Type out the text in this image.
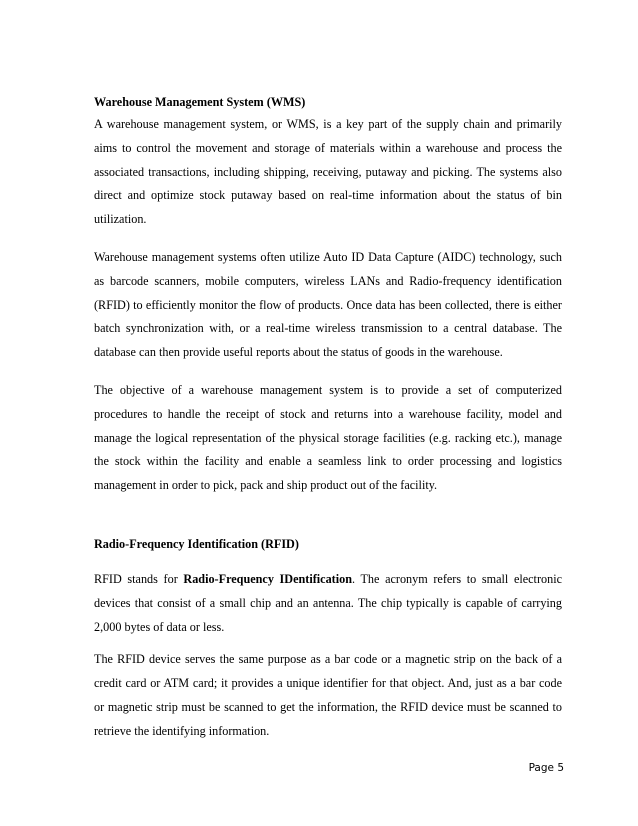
Warehouse Management System (WMS)

A warehouse management system, or WMS, is a key part of the supply chain and primarily aims to control the movement and storage of materials within a warehouse and process the associated transactions, including shipping, receiving, putaway and picking. The systems also direct and optimize stock putaway based on real-time information about the status of bin utilization.

Warehouse management systems often utilize Auto ID Data Capture (AIDC) technology, such as barcode scanners, mobile computers, wireless LANs and Radio-frequency identification (RFID) to efficiently monitor the flow of products. Once data has been collected, there is either batch synchronization with, or a real-time wireless transmission to a central database. The database can then provide useful reports about the status of goods in the warehouse.

The objective of a warehouse management system is to provide a set of computerized procedures to handle the receipt of stock and returns into a warehouse facility, model and manage the logical representation of the physical storage facilities (e.g. racking etc.), manage the stock within the facility and enable a seamless link to order processing and logistics management in order to pick, pack and ship product out of the facility.

Radio-Frequency Identification (RFID)

RFID stands for Radio-Frequency IDentification. The acronym refers to small electronic devices that consist of a small chip and an antenna. The chip typically is capable of carrying 2,000 bytes of data or less.

The RFID device serves the same purpose as a bar code or a magnetic strip on the back of a credit card or ATM card; it provides a unique identifier for that object. And, just as a bar code or magnetic strip must be scanned to get the information, the RFID device must be scanned to retrieve the identifying information.

Page 5
